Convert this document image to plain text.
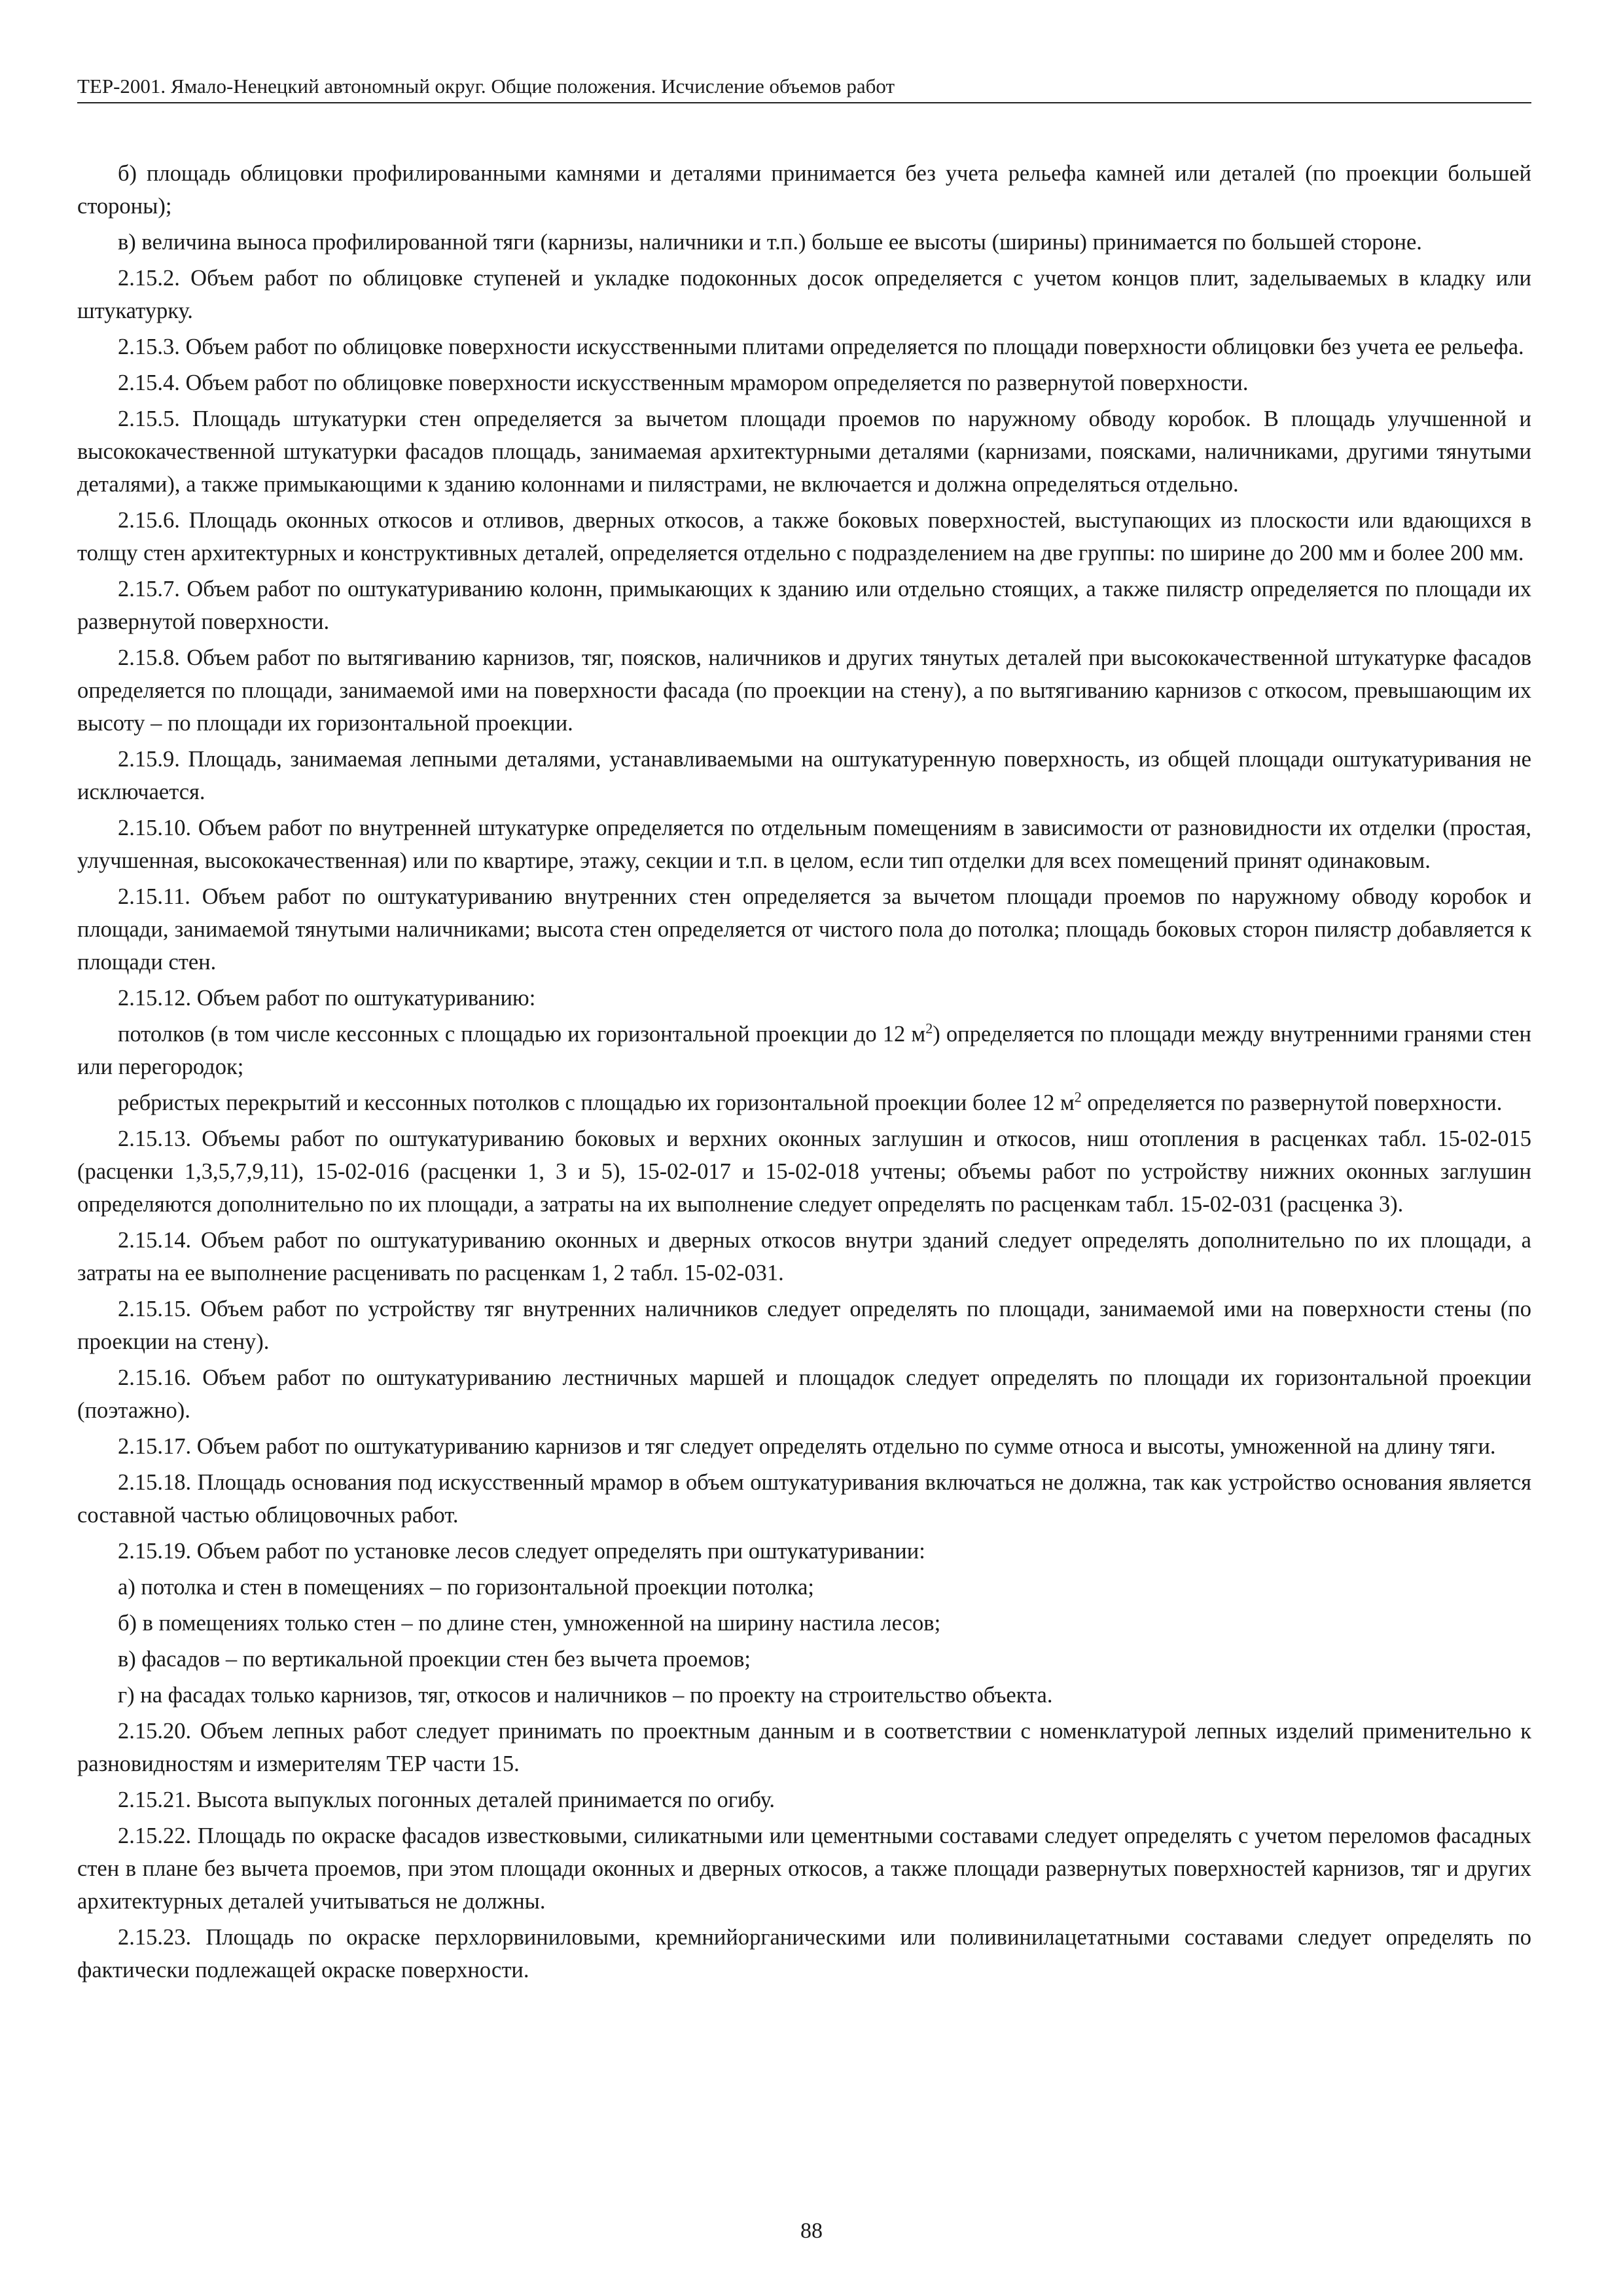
ТЕР-2001. Ямало-Ненецкий автономный округ. Общие положения. Исчисление объемов работ

б) площадь облицовки профилированными камнями и деталями принимается без учета рельефа камней или деталей (по проекции большей стороны);

в) величина выноса профилированной тяги (карнизы, наличники и т.п.) больше ее высоты (ширины) принимается по большей стороне.

2.15.2. Объем работ по облицовке ступеней и укладке подоконных досок определяется с учетом концов плит, заделываемых в кладку или штукатурку.

2.15.3. Объем работ по облицовке поверхности искусственными плитами определяется по площади поверхности облицовки без учета ее рельефа.

2.15.4. Объем работ по облицовке поверхности искусственным мрамором определяется по развернутой поверхности.

2.15.5. Площадь штукатурки стен определяется за вычетом площади проемов по наружному обводу коробок. В площадь улучшенной и высококачественной штукатурки фасадов площадь, занимаемая архитектурными деталями (карнизами, поясками, наличниками, другими тянутыми деталями), а также примыкающими к зданию колоннами и пилястрами, не включается и должна определяться отдельно.

2.15.6. Площадь оконных откосов и отливов, дверных откосов, а также боковых поверхностей, выступающих из плоскости или вдающихся в толщу стен архитектурных и конструктивных деталей, определяется отдельно с подразделением на две группы: по ширине до 200 мм и более 200 мм.

2.15.7. Объем работ по оштукатуриванию колонн, примыкающих к зданию или отдельно стоящих, а также пилястр определяется по площади их развернутой поверхности.

2.15.8. Объем работ по вытягиванию карнизов, тяг, поясков, наличников и других тянутых деталей при высококачественной штукатурке фасадов определяется по площади, занимаемой ими на поверхности фасада (по проекции на стену), а по вытягиванию карнизов с откосом, превышающим их высоту – по площади их горизонтальной проекции.

2.15.9. Площадь, занимаемая лепными деталями, устанавливаемыми на оштукатуренную поверхность, из общей площади оштукатуривания не исключается.

2.15.10. Объем работ по внутренней штукатурке определяется по отдельным помещениям в зависимости от разновидности их отделки (простая, улучшенная, высококачественная) или по квартире, этажу, секции и т.п. в целом, если тип отделки для всех помещений принят одинаковым.

2.15.11. Объем работ по оштукатуриванию внутренних стен определяется за вычетом площади проемов по наружному обводу коробок и площади, занимаемой тянутыми наличниками; высота стен определяется от чистого пола до потолка; площадь боковых сторон пилястр добавляется к площади стен.

2.15.12. Объем работ по оштукатуриванию:

потолков (в том числе кессонных с площадью их горизонтальной проекции до 12 $м^2$) определяется по площади между внутренними гранями стен или перегородок;

ребристых перекрытий и кессонных потолков с площадью их горизонтальной проекции более 12 $м^2$ определяется по развернутой поверхности.

2.15.13. Объемы работ по оштукатуриванию боковых и верхних оконных заглушин и откосов, ниш отопления в расценках табл. 15-02-015 (расценки 1,3,5,7,9,11), 15-02-016 (расценки 1, 3 и 5), 15-02-017 и 15-02-018 учтены; объемы работ по устройству нижних оконных заглушин определяются дополнительно по их площади, а затраты на их выполнение следует определять по расценкам табл. 15-02-031 (расценка 3).

2.15.14. Объем работ по оштукатуриванию оконных и дверных откосов внутри зданий следует определять дополнительно по их площади, а затраты на ее выполнение расценивать по расценкам 1, 2 табл. 15-02-031.

2.15.15. Объем работ по устройству тяг внутренних наличников следует определять по площади, занимаемой ими на поверхности стены (по проекции на стену).

2.15.16. Объем работ по оштукатуриванию лестничных маршей и площадок следует определять по площади их горизонтальной проекции (поэтажно).

2.15.17. Объем работ по оштукатуриванию карнизов и тяг следует определять отдельно по сумме относа и высоты, умноженной на длину тяги.

2.15.18. Площадь основания под искусственный мрамор в объем оштукатуривания включаться не должна, так как устройство основания является составной частью облицовочных работ.

2.15.19. Объем работ по установке лесов следует определять при оштукатуривании:

а) потолка и стен в помещениях – по горизонтальной проекции потолка;

б) в помещениях только стен – по длине стен, умноженной на ширину настила лесов;

в) фасадов – по вертикальной проекции стен без вычета проемов;

г) на фасадах только карнизов, тяг, откосов и наличников – по проекту на строительство объекта.

2.15.20. Объем лепных работ следует принимать по проектным данным и в соответствии с номенклатурой лепных изделий применительно к разновидностям и измерителям ТЕР части 15.

2.15.21. Высота выпуклых погонных деталей принимается по огибу.

2.15.22. Площадь по окраске фасадов известковыми, силикатными или цементными составами следует определять с учетом переломов фасадных стен в плане без вычета проемов, при этом площади оконных и дверных откосов, а также площади развернутых поверхностей карнизов, тяг и других архитектурных деталей учитываться не должны.

2.15.23. Площадь по окраске перхлорвиниловыми, кремнийорганическими или поливинилацетатными составами следует определять по фактически подлежащей окраске поверхности.

88
